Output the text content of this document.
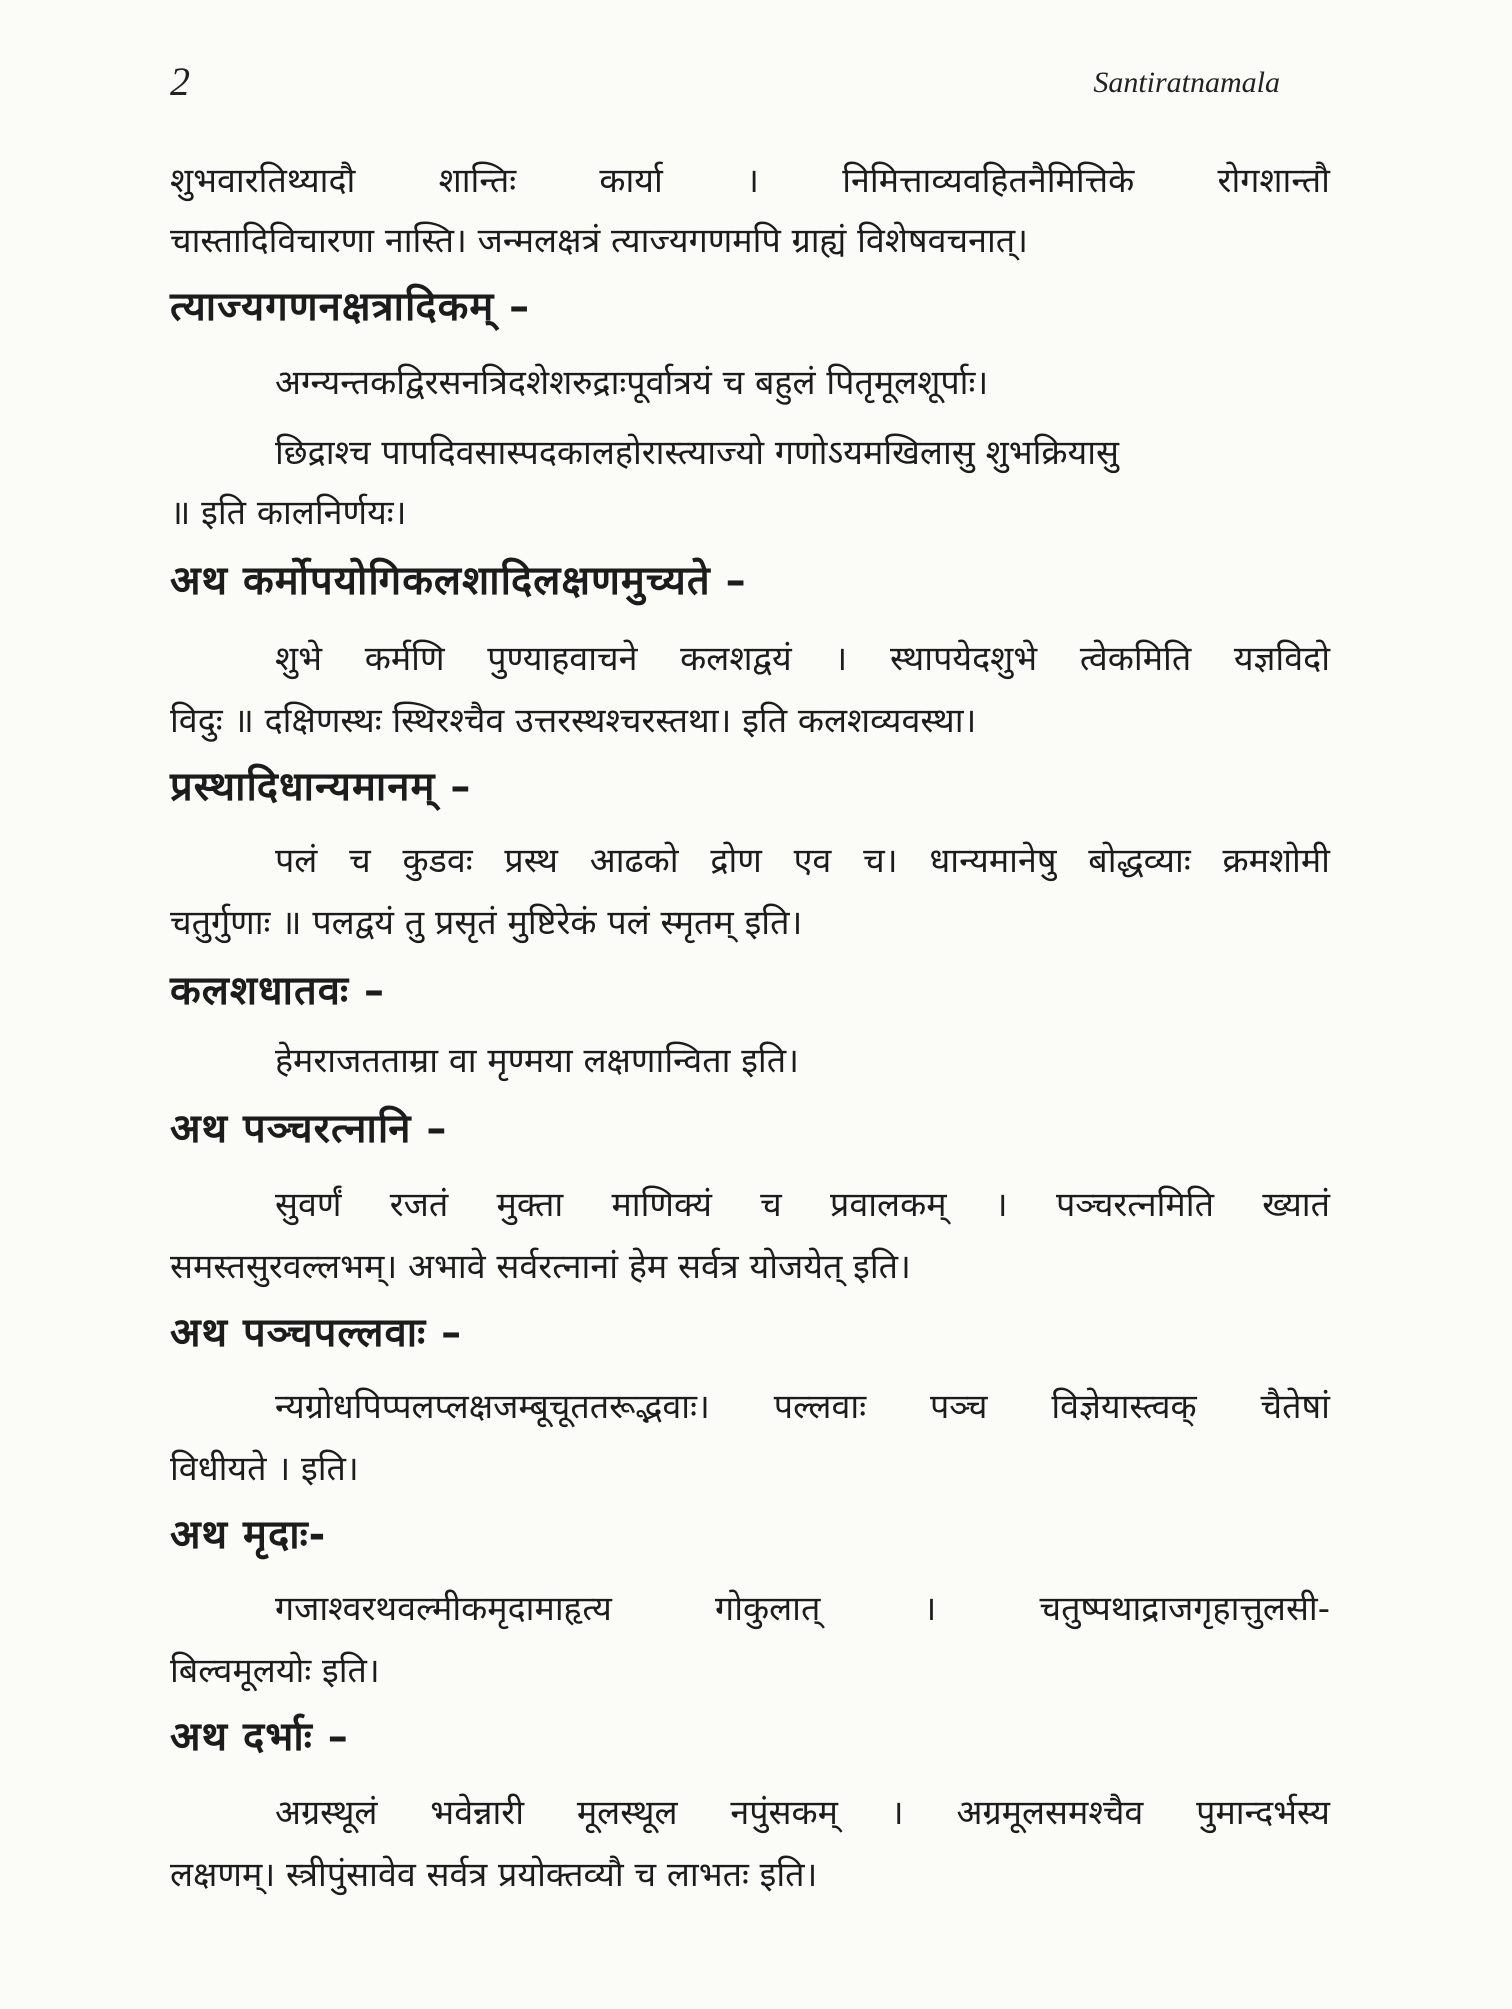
2	Santiratnamala
शुभवारतिथ्यादौ शान्तिः कार्या । निमित्ताव्यवहितनैमित्तिके रोगशान्तौ
चास्तादिविचारणा नास्ति। जन्मलक्षत्रं त्याज्यगणमपि ग्राह्यं विशेषवचनात्।
त्याज्यगणनक्षत्रादिकम् –
अग्न्यन्तकद्विरसनत्रिदशेशरुद्राःपूर्वात्रयं च बहुलं पितृमूलशूर्पाः।
छिद्राश्च पापदिवसास्पदकालहोरास्त्याज्यो गणोऽयमखिलासु शुभक्रियासु
॥ इति कालनिर्णयः।
अथ कर्मोपयोगिकलशादिलक्षणमुच्यते –
शुभे कर्मणि पुण्याहवाचने कलशद्वयं । स्थापयेदशुभे त्वेकमिति यज्ञविदो
विदुः ॥ दक्षिणस्थः स्थिरश्चैव उत्तरस्थश्चरस्तथा। इति कलशव्यवस्था।
प्रस्थादिधान्यमानम् –
पलं च कुडवः प्रस्थ आढको द्रोण एव च। धान्यमानेषु बोद्धव्याः क्रमशोमी
चतुर्गुणाः ॥ पलद्वयं तु प्रसृतं मुष्टिरेकं पलं स्मृतम् इति।
कलशधातवः –
हेमराजतताम्रा वा मृण्मया लक्षणान्विता इति।
अथ पञ्चरत्नानि –
सुवर्णं रजतं मुक्ता माणिक्यं च प्रवालकम् । पञ्चरत्नमिति ख्यातं
समस्तसुरवल्लभम्। अभावे सर्वरत्नानां हेम सर्वत्र योजयेत् इति।
अथ पञ्चपल्लवाः –
न्यग्रोधपिप्पलप्लक्षजम्बूचूततरूद्भवाः। पल्लवाः पञ्च विज्ञेयास्त्वक् चैतेषां
विधीयते । इति।
अथ मृदाः-
गजाश्वरथवल्मीकमृदामाहृत्य गोकुलात् । चतुष्पथाद्राजगृहात्तुलसी-
बिल्वमूलयोः इति।
अथ दर्भाः –
अग्रस्थूलं भवेन्नारी मूलस्थूल नपुंसकम् । अग्रमूलसमश्चैव पुमान्दर्भस्य
लक्षणम्। स्त्रीपुंसावेव सर्वत्र प्रयोक्तव्यौ च लाभतः इति।
